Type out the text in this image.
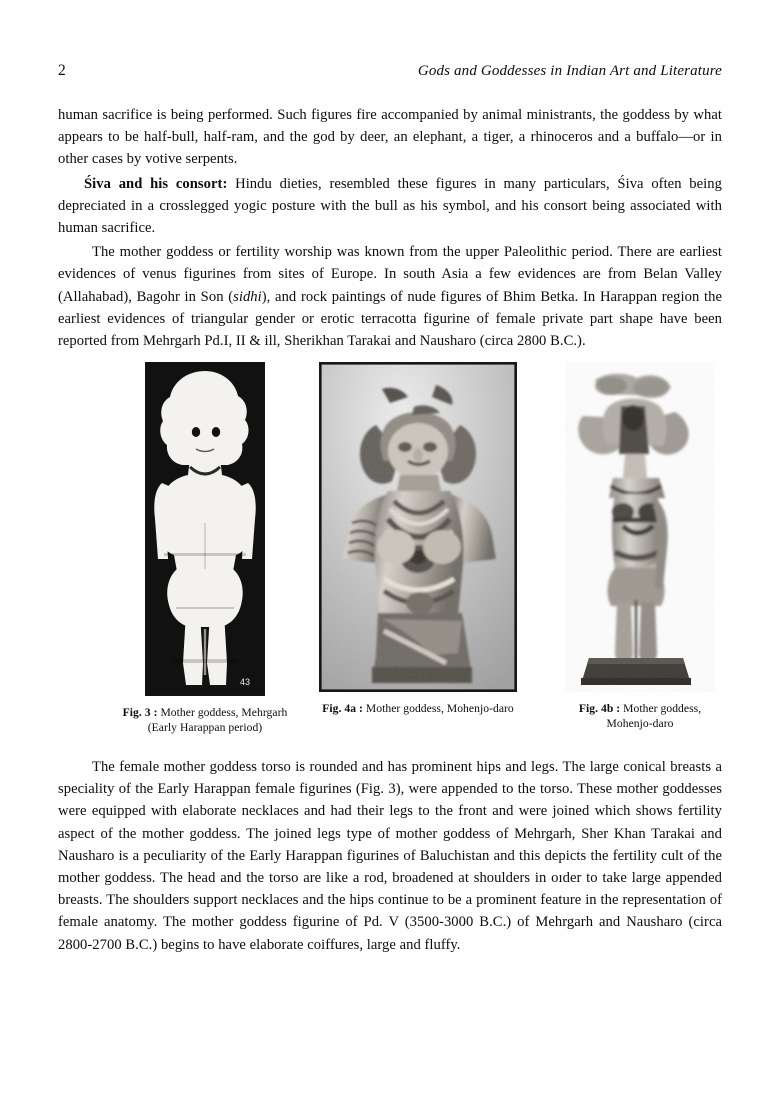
2	Gods and Goddesses in Indian Art and Literature

human sacrifice is being performed. Such figures fire accompanied by animal ministrants, the goddess by what appears to be half-bull, half-ram, and the god by deer, an elephant, a tiger, a rhinoceros and a buffalo—or in other cases by votive serpents.

Śiva and his consort: Hindu dieties, resembled these figures in many particulars, Śiva often being depreciated in a crosslegged yogic posture with the bull as his symbol, and his consort being associated with human sacrifice.

The mother goddess or fertility worship was known from the upper Paleolithic period. There are earliest evidences of venus figurines from sites of Europe. In south Asia a few evidences are from Belan Valley (Allahabad), Bagohr in Son (sidhi), and rock paintings of nude figures of Bhim Betka. In Harappan region the earliest evidences of triangular gender or erotic terracotta figurine of female private part shape have been reported from Mehrgarh Pd.I, II & ill, Sherikhan Tarakai and Nausharo (circa 2800 B.C.).

43
Fig. 3 : Mother goddess, Mehrgarh (Early Harappan period)
Fig. 4a : Mother goddess, Mohenjo-daro	Fig. 4b : Mother goddess, Mohenjo-daro

The female mother goddess torso is rounded and has prominent hips and legs. The large conical breasts a speciality of the Early Harappan female figurines (Fig. 3), were appended to the torso. These mother goddesses were equipped with elaborate necklaces and had their legs to the front and were joined which shows fertility aspect of the mother goddess. The joined legs type of mother goddess of Mehrgarh, Sher Khan Tarakai and Nausharo is a peculiarity of the Early Harappan figurines of Baluchistan and this depicts the fertility cult of the mother goddess. The head and the torso are like a rod, broadened at shoulders in oıder to take large appended breasts. The shoulders support necklaces and the hips continue to be a prominent feature in the representation of female anatomy. The mother goddess figurine of Pd. V (3500-3000 B.C.) of Mehrgarh and Nausharo (circa 2800-2700 B.C.) begins to have elaborate coiffures, large and fluffy.
